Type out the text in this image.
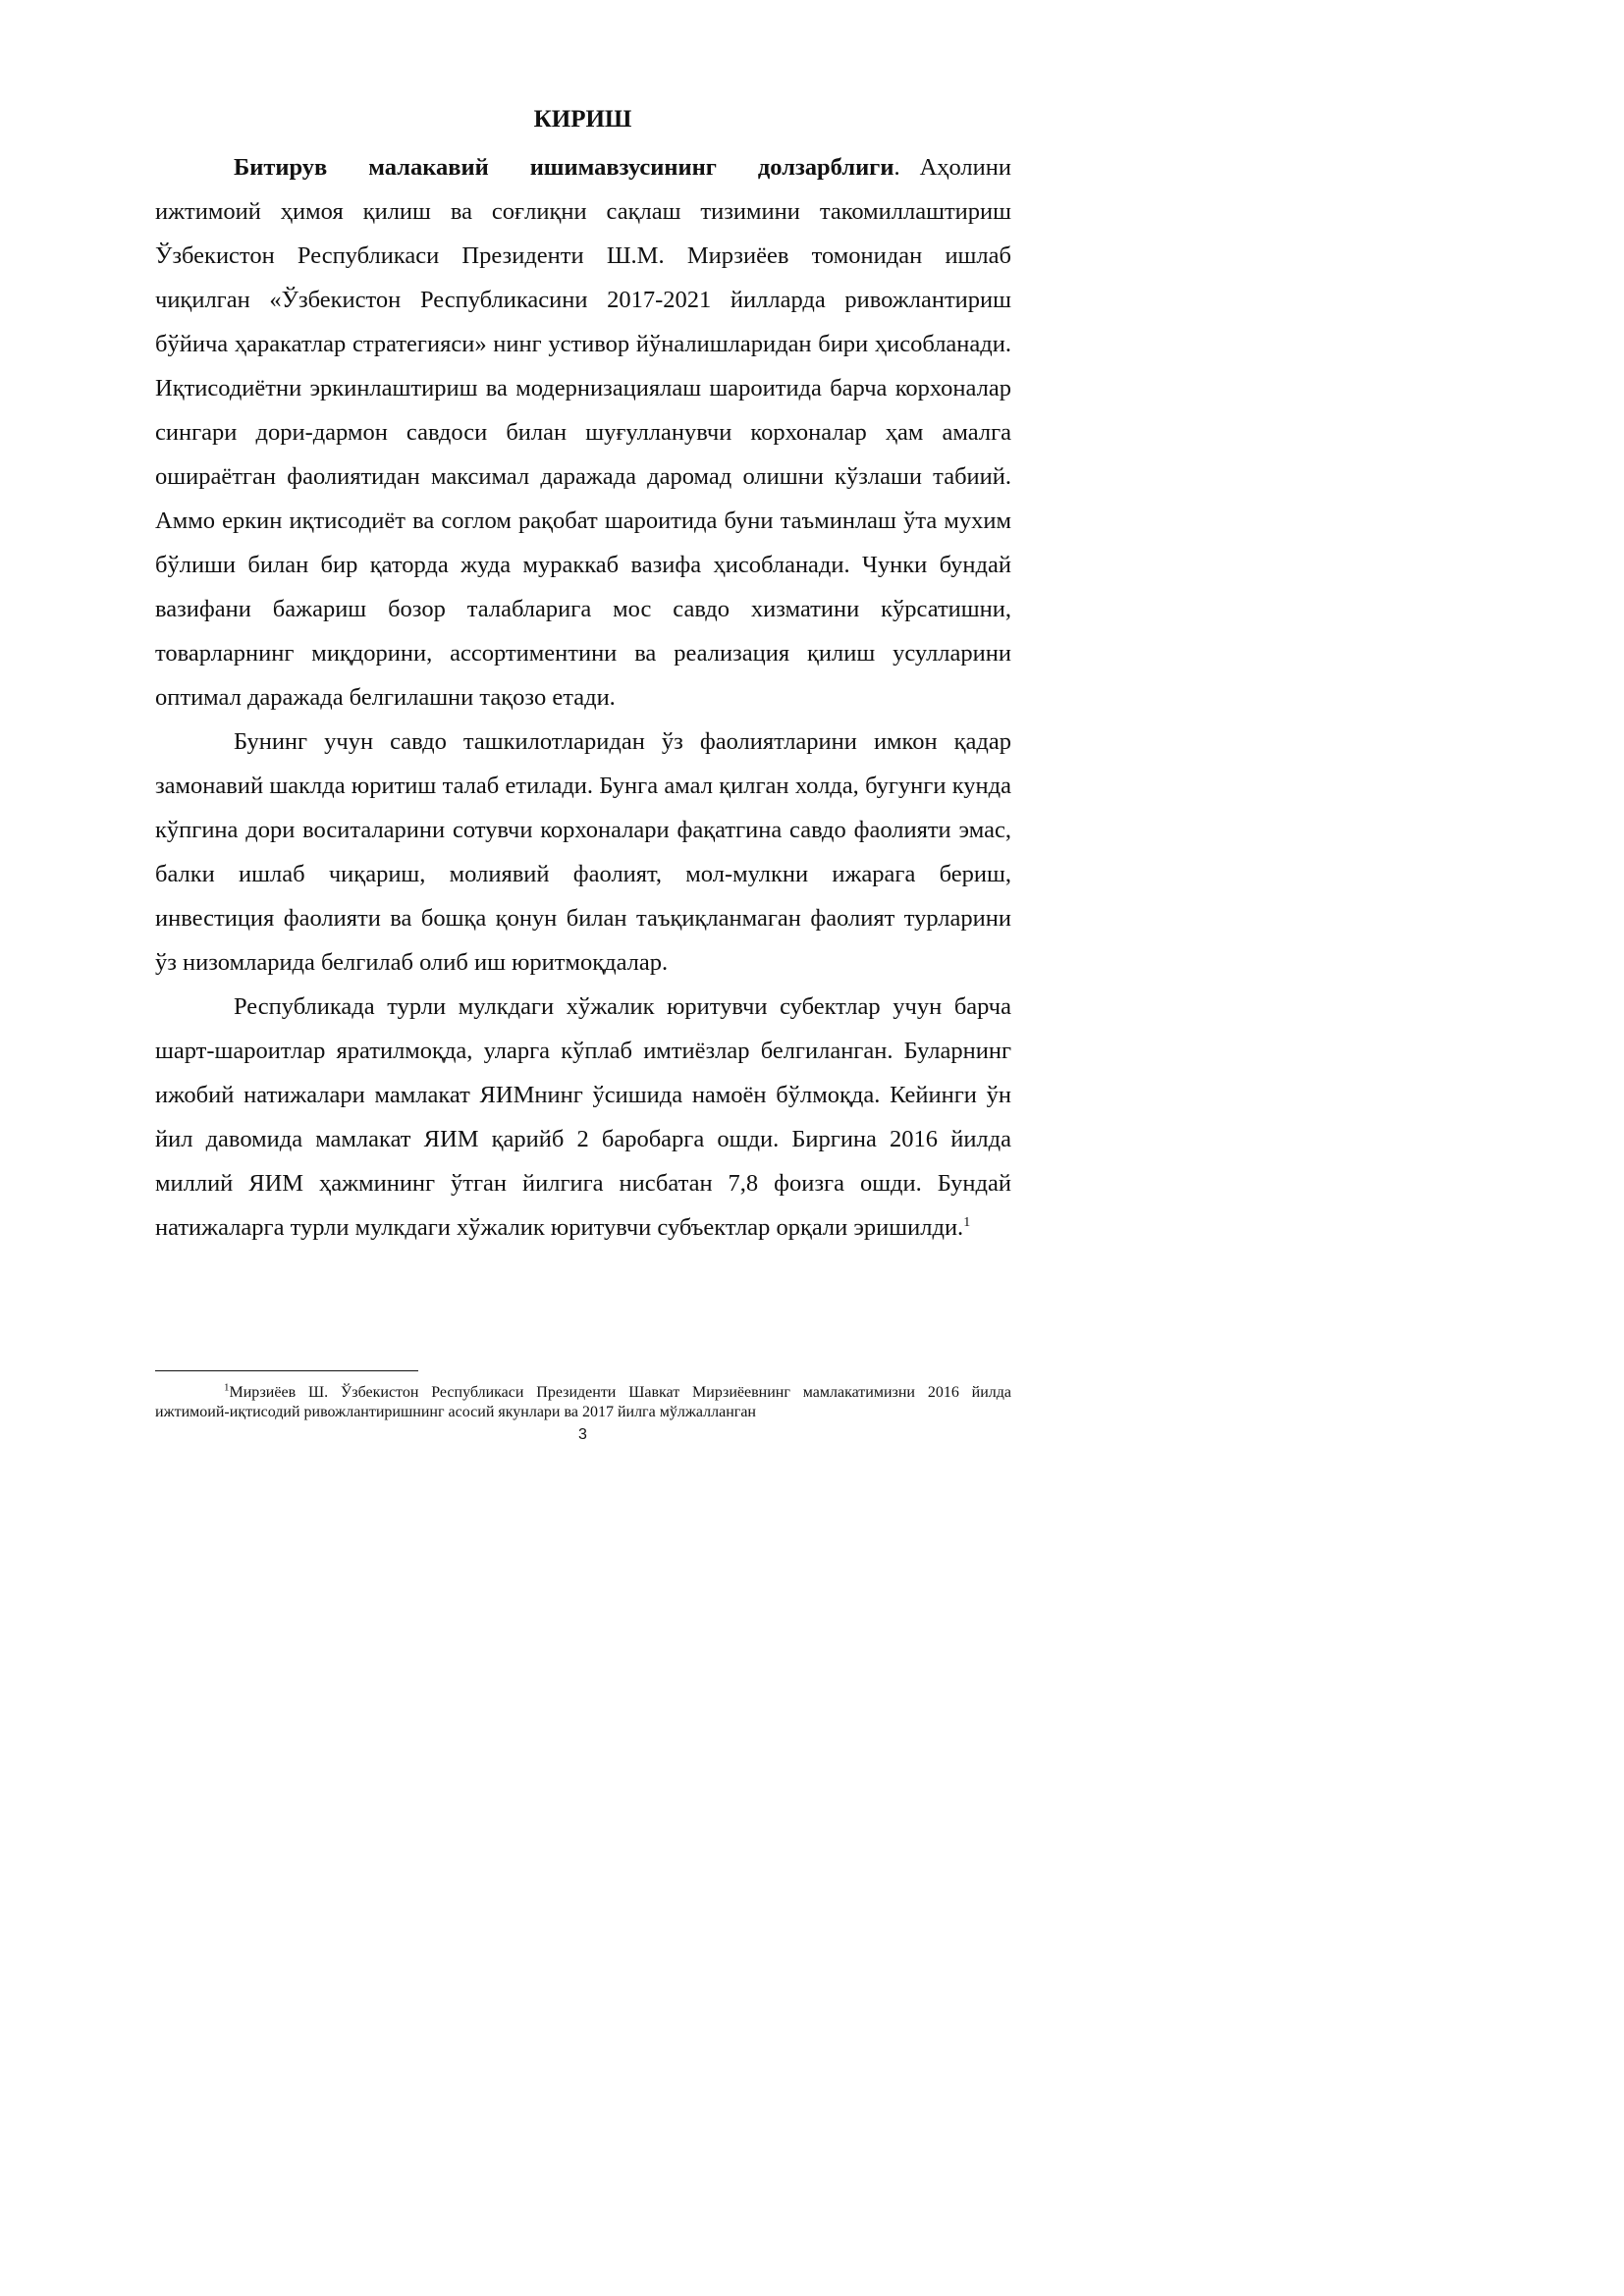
КИРИШ

Битирув малакавий ишимавзусининг долзарблиги. Аҳолини ижтимоий ҳимоя қилиш ва соғлиқни сақлаш тизимини такомиллаштириш Ўзбекистон Республикаси Президенти Ш.М. Мирзиёев томонидан ишлаб чиқилган «Ўзбекистон Республикасини 2017-2021 йилларда ривожлантириш бўйича ҳаракатлар стратегияси» нинг устивор йўналишларидан бири ҳисобланади. Иқтисодиётни эркинлаштириш ва модернизациялаш шароитида барча корхоналар сингари дори-дармон савдоси билан шуғулланувчи корхоналар ҳам амалга ошираётган фаолиятидан максимал даражада даромад олишни кўзлаши табиий. Аммо еркин иқтисодиёт ва соглом рақобат шароитида буни таъминлаш ўта мухим бўлиши билан бир қаторда жуда мураккаб вазифа ҳисобланади. Чунки бундай вазифани бажариш бозор талабларига мос савдо хизматини кўрсатишни, товарларнинг миқдорини, ассортиментини ва реализация қилиш усулларини оптимал даражада белгилашни тақозо етади.

Бунинг учун савдо ташкилотларидан ўз фаолиятларини имкон қадар замонавий шаклда юритиш талаб етилади. Бунга амал қилган холда, бугунги кунда кўпгина дори воситаларини сотувчи корхоналари фақатгина савдо фаолияти эмас, балки ишлаб чиқариш, молиявий фаолият, мол-мулкни ижарага бериш, инвестиция фаолияти ва бошқа қонун билан таъқиқланмаган фаолият турларини ўз низомларида белгилаб олиб иш юритмоқдалар.

Республикада турли мулкдаги хўжалик юритувчи субектлар учун барча шарт-шароитлар яратилмоқда, уларга кўплаб имтиёзлар белгиланган. Буларнинг ижобий натижалари мамлакат ЯИМнинг ўсишида намоён бўлмоқда. Кейинги ўн йил давомида мамлакат ЯИМ қарийб 2 баробарга ошди. Биргина 2016 йилда миллий ЯИМ ҳажмининг ўтган йилгига нисбатан 7,8 фоизга ошди. Бундай натижаларга турли мулкдаги хўжалик юритувчи субъектлар орқали эришилди.$^1$

$^1$Мирзиёев Ш. Ўзбекистон Республикаси Президенти Шавкат Мирзиёевнинг мамлакатимизни 2016 йилда ижтимоий-иқтисодий ривожлантиришнинг асосий якунлари ва 2017 йилга мўлжалланган
3
